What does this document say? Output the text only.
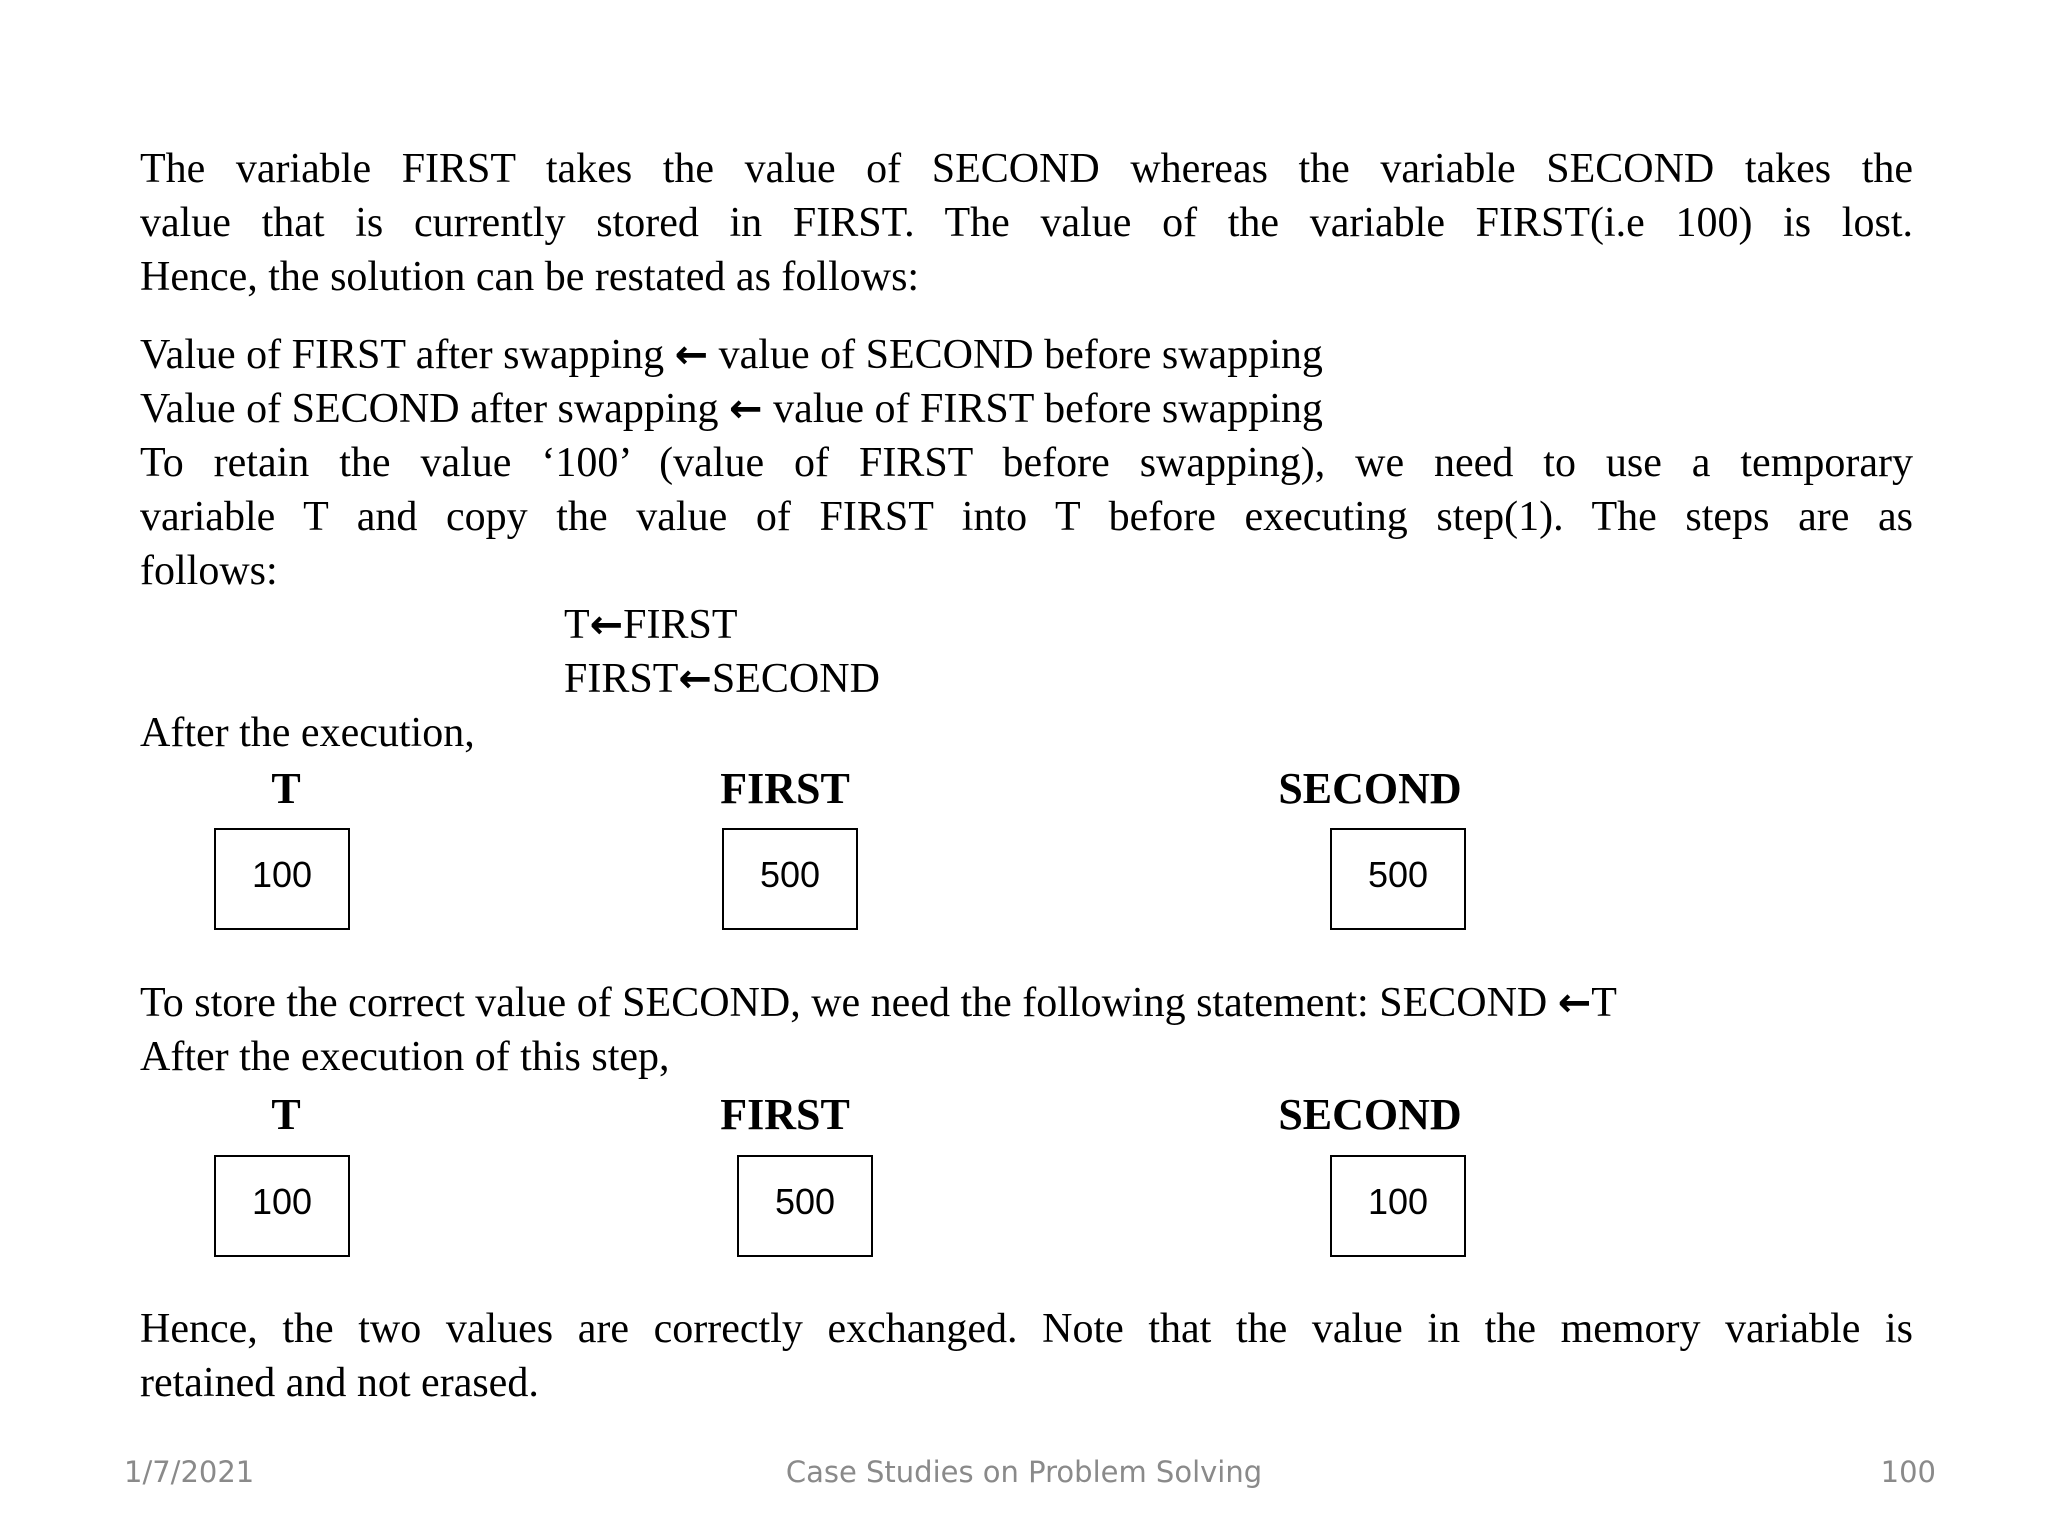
The variable FIRST takes the value of SECOND whereas the variable SECOND takes the
value that is currently stored in FIRST. The value of the variable FIRST(i.e 100) is lost.
Hence, the solution can be restated as follows:
Value of FIRST after swapping ← value of SECOND before swapping
Value of SECOND after swapping ← value of FIRST before swapping
To retain the value ‘100’ (value of FIRST before swapping), we need to use a temporary
variable T and copy the value of FIRST into T before executing step(1). The steps are as
follows:
T←FIRST
FIRST←SECOND
After the execution,
T	FIRST	SECOND
100	500	500
To store the correct value of SECOND, we need the following statement: SECOND ←T
After the execution of this step,
T	FIRST	SECOND
100	500	100
Hence, the two values are correctly exchanged. Note that the value in the memory variable is
retained and not erased.
1/7/2021	Case Studies on Problem Solving	100
